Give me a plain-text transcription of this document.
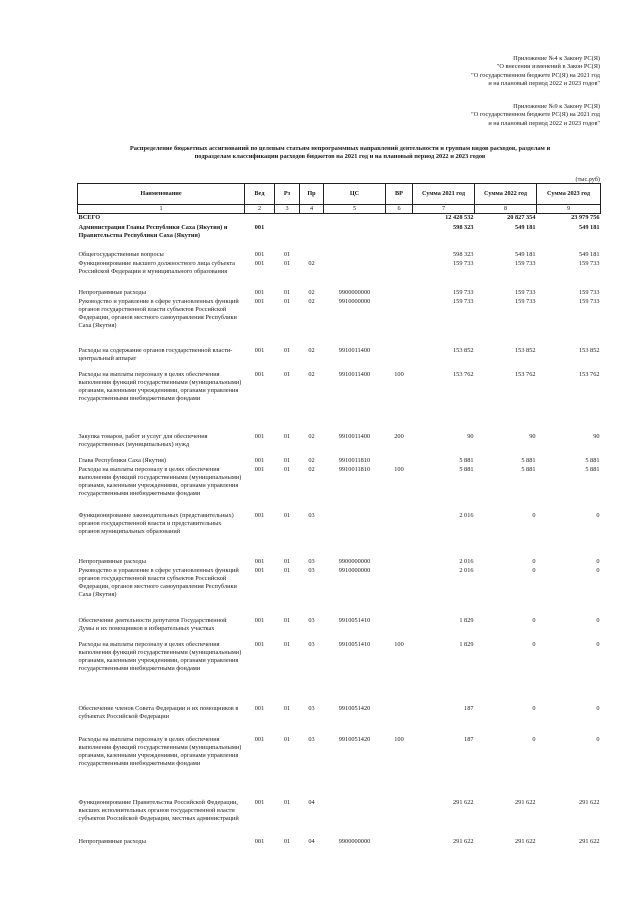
Приложение №4 к Закону РС(Я)
"О внесении изменений в Закон РС(Я)
"О государственном бюджете РС(Я) на 2021 год
и на плановый период 2022 и 2023 годов"
Приложение №9 к Закону РС(Я)
"О государственном бюджете РС(Я) на 2021 год
и на плановый период 2022 и 2023 годов"
Распределение бюджетных ассигнований по целевым статьям непрограммных направлений деятельности и группам видов расходов, разделам и
подразделам классификации расходов бюджетов на 2021 год и на плановый период 2022 и 2023 годов
(тыс.руб)
Наименование	Вед	Рз	Пр	ЦС	ВР	Сумма 2021 год	Сумма 2022 год	Сумма 2023 год
1	2	3	4	5	6	7	8	9
ВСЕГО						12 428 532	20 827 354	23 979 756
Администрация Главы Республики Саха (Якутия) и Правительства Республики Саха (Якутия)	001					598 323	549 181	549 181
Общегосударственные вопросы	001	01				598 323	549 181	549 181
Функционирование высшего должностного лица субъекта Российской Федерации и муниципального образования	001	01	02			159 733	159 733	159 733
Непрограммные расходы	001	01	02	9900000000		159 733	159 733	159 733
Руководство и управление в сфере установленных функций органов государственной власти субъектов Российской Федерации, органов местного самоуправления Республики Саха (Якутия)	001	01	02	9910000000		159 733	159 733	159 733
Расходы на содержание органов государственной власти- центральный аппарат	001	01	02	9910011400		153 852	153 852	153 852
Расходы на выплаты персоналу в целях обеспечения выполнения функций государственными (муниципальными) органами, казенными учреждениями, органами управления государственными внебюджетными фондами	001	01	02	9910011400	100	153 762	153 762	153 762
Закупка товаров, работ и услуг для обеспечения государственных (муниципальных) нужд	001	01	02	9910011400	200	90	90	90
Глава Республики Саха (Якутия)	001	01	02	9910011810		5 881	5 881	5 881
Расходы на выплаты персоналу в целях обеспечения выполнения функций государственными (муниципальными) органами, казенными учреждениями, органами управления государственными внебюджетными фондами	001	01	02	9910011810	100	5 881	5 881	5 881
Функционирование законодательных (представительных) органов государственной власти и представительных органов муниципальных образований	001	01	03			2 016	0	0
Непрограммные расходы	001	01	03	9900000000		2 016	0	0
Руководство и управление в сфере установленных функций органов государственной власти субъектов Российской Федерации, органов местного самоуправления Республики Саха (Якутия)	001	01	03	9910000000		2 016	0	0
Обеспечение деятельности депутатов Государственной Думы и их помощников в избирательных участках	001	01	03	9910051410		1 829	0	0
Расходы на выплаты персоналу в целях обеспечения выполнения функций государственными (муниципальными) органами, казенными учреждениями, органами управления государственными внебюджетными фондами	001	01	03	9910051410	100	1 829	0	0
Обеспечение членов Совета Федерации и их помощников в субъектах Российской Федерации	001	01	03	9910051420		187	0	0
Расходы на выплаты персоналу в целях обеспечения выполнения функций государственными (муниципальными) органами, казенными учреждениями, органами управления государственными внебюджетными фондами	001	01	03	9910051420	100	187	0	0
Функционирование Правительства Российской Федерации, высших исполнительных органов государственной власти субъектов Российской Федерации, местных администраций	001	01	04			291 622	291 622	291 622
Непрограммные расходы	001	01	04	9900000000		291 622	291 622	291 622
